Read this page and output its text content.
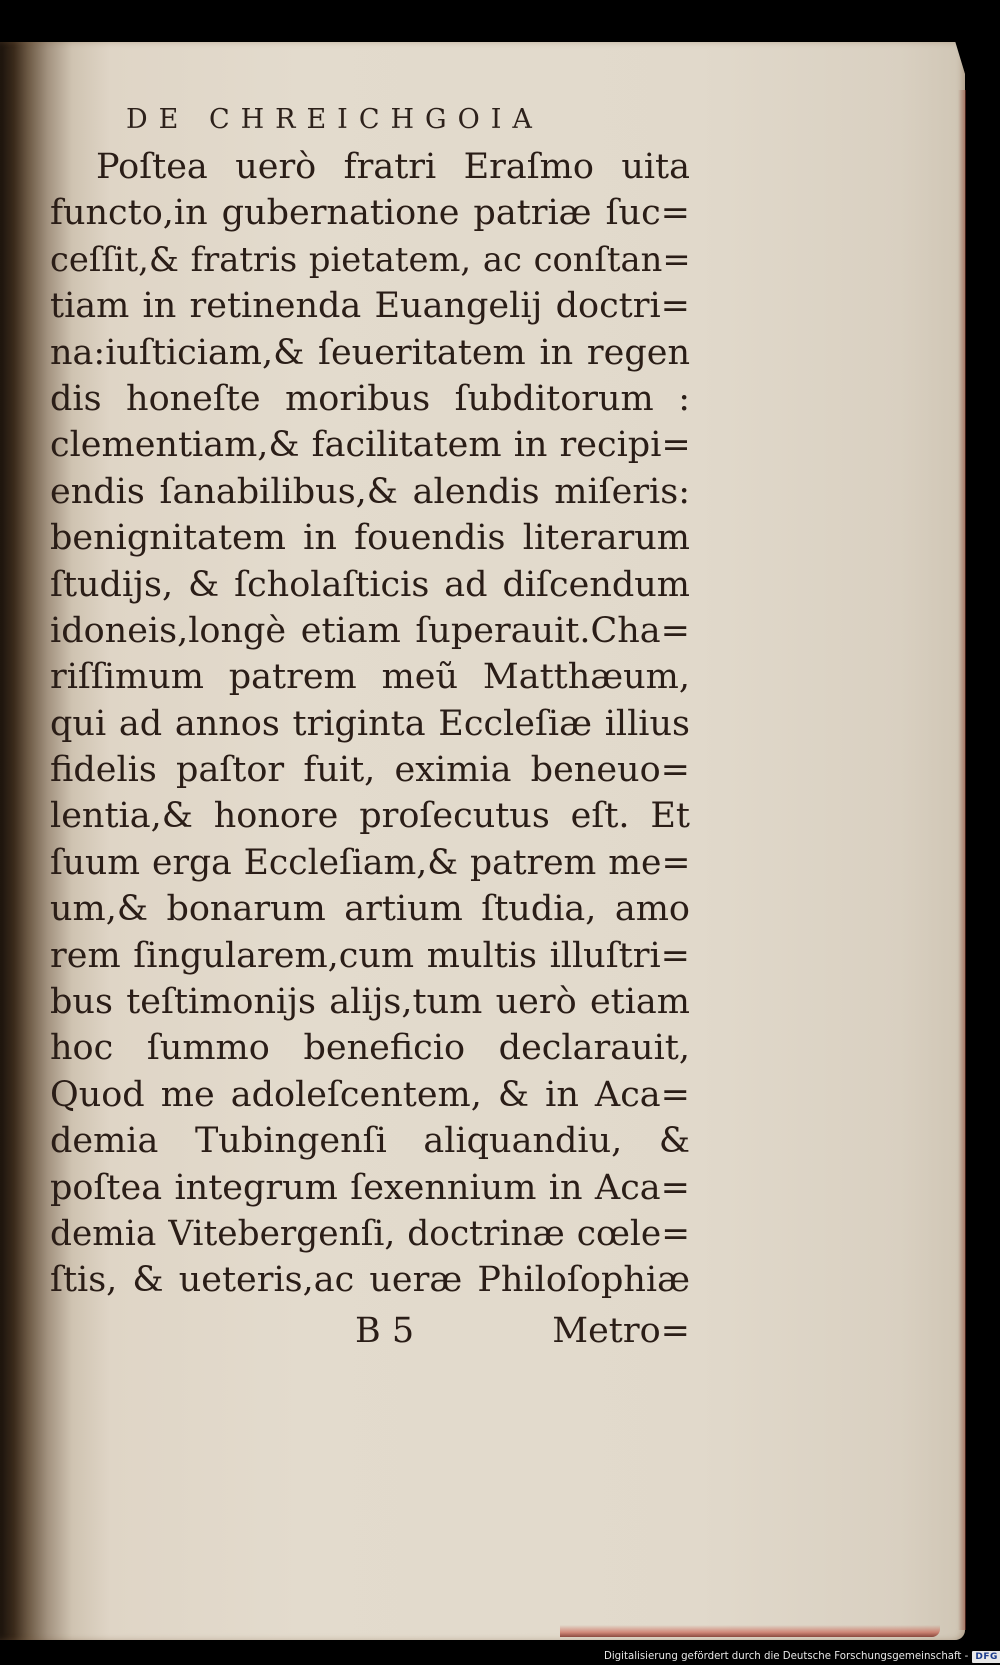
DE CHREICHGOIA
Poſtea uerò fratri Eraſmo uita
functo,in gubernatione patriæ ſuc=
ceſſit,& fratris pietatem, ac conſtan=
tiam in retinenda Euangelij doctri=
na:iuſticiam,& ſeueritatem in regen
dis honeſte moribus ſubditorum :
clementiam,& facilitatem in recipi=
endis ſanabilibus,& alendis miſeris:
benignitatem in fouendis literarum
ſtudijs, & ſcholaſticis ad diſcendum
idoneis,longè etiam ſuperauit.Cha=
riſſimum patrem meũ Matthæum,
qui ad annos triginta Eccleſiæ illius
fidelis paſtor fuit, eximia beneuo=
lentia,& honore proſecutus eſt. Et
ſuum erga Eccleſiam,& patrem me=
um,& bonarum artium ſtudia, amo
rem ſingularem,cum multis illuſtri=
bus teſtimonijs alijs,tum uerò etiam
hoc ſummo beneficio declarauit,
Quod me adoleſcentem, & in Aca=
demia Tubingenſi aliquandiu, &
poſtea integrum ſexennium in Aca=
demia Vitebergenſi, doctrinæ cœle=
ſtis, & ueteris,ac ueræ Philoſophiæ
B 5	Metro=
Digitalisierung gefördert durch die Deutsche Forschungsgemeinschaft - DFG
